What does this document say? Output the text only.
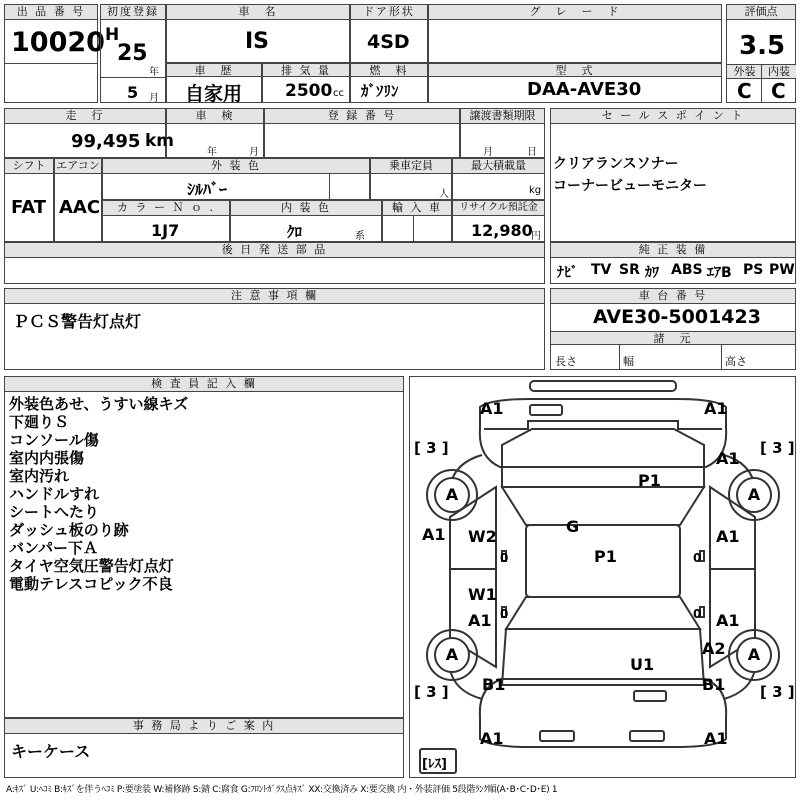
出 品 番 号
10020
初度登録
H
25
年
5 月
車　名
IS
ドア形状
4SD
グ　レ　ー　ド	評価点
3.5
外装	内装
C C
車　歴
自家用
排 気 量
2500 cc
燃　料
ｶﾞｿﾘﾝ
型　式
DAA-AVE30
走　行
99,495 km
車　検
年	月
登 録 番 号	譲渡書類期限
月	日
セ ー ル ス ポ イ ン ト
クリアランスソナー
コーナービューモニター
シフト
FAT
エアコン
AAC
外 装 色
ｼﾙﾊﾞｰ
乗車定員
人
最大積載量
kg
カ ラ ー Ｎ ｏ .
1J7
内 装 色
ｸﾛ	系
輸 入 車	リサイクル預託金
12,980
円
後 日 発 送 部 品	純 正 装 備
ﾅﾋﾞ TV SR ｶﾜ ABS ｴｱB PS PW
注 意 事 項 欄
ＰＣＳ警告灯点灯
車 台 番 号
AVE30-5001423
諸　元
長さ	幅	高さ
検 査 員 記 入 欄
外装色あせ、うすい線キズ
下廻りＳ
コンソール傷
室内内張傷
室内汚れ
ハンドルすれ
シートへたり
ダッシュ板のり跡
バンパー下Ａ
タイヤ空気圧警告灯点灯
電動テレスコピック不良
事 務 局 よ り ご 案 内
キーケース
A	A
A	A
A1	A1
[ 3 ]	[ 3 ]
A1
P1
G
P1
A1 W2
0
A1
0
W1
0
A1	A1
0
A2
U1
[ 3 ]	[ 3 ]
B1	B1
A1	A1
[ﾚｽ]
A:ｷｽﾞ U:ﾍｺﾐ B:ｷｽﾞを伴うﾍｺﾐ P:要塗装 W:補修跡 S:錆 C:腐食 G:ﾌﾛﾝﾄｶﾞﾗｽ点ｷｽﾞ XX:交換済み X:要交換 内・外装評価 5段階ﾗﾝｸ順(A･B･C･D･E) 1
